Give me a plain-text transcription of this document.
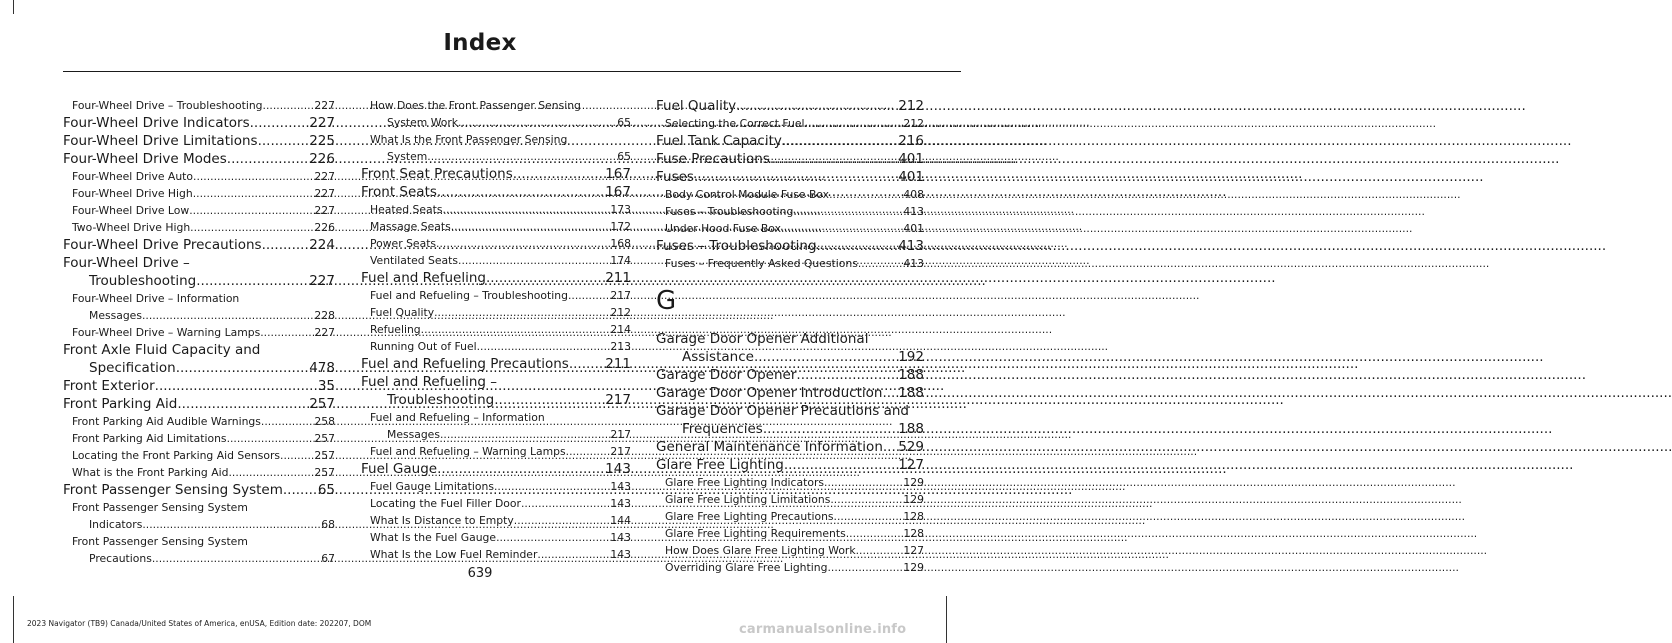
Index
Four-Wheel Drive – Troubleshooting .....	227
Four-Wheel Drive Indicators .....	227
Four-Wheel Drive Limitations .....	225
Four-Wheel Drive Modes .....	226
Four-Wheel Drive Auto .....	227
Four-Wheel Drive High .....	227
Four-Wheel Drive Low .....	227
Two-Wheel Drive High .....	226
Four-Wheel Drive Precautions .....	224
Four-Wheel Drive –
Troubleshooting .....	227
Four-Wheel Drive – Information
Messages .....	228
Four-Wheel Drive – Warning Lamps .....	227
Front Axle Fluid Capacity and
Specification .....	478
Front Exterior .....	35
Front Parking Aid .....	257
Front Parking Aid Audible Warnings .....	258
Front Parking Aid Limitations .....	257
Locating the Front Parking Aid Sensors .....	257
What is the Front Parking Aid .....	257
Front Passenger Sensing System .....	65
Front Passenger Sensing System
Indicators .....	68
Front Passenger Sensing System
Precautions .....	67
How Does the Front Passenger Sensing
System Work .....	65
What Is the Front Passenger Sensing
System .....	65
Front Seat Precautions .....	167
Front Seats .....	167
Heated Seats .....	173
Massage Seats .....	172
Power Seats .....	168
Ventilated Seats .....	174
Fuel and Refueling .....	211
Fuel and Refueling – Troubleshooting .....	217
Fuel Quality .....	212
Refueling .....	214
Running Out of Fuel .....	213
Fuel and Refueling Precautions .....	211
Fuel and Refueling –
Troubleshooting .....	217
Fuel and Refueling – Information
Messages .....	217
Fuel and Refueling – Warning Lamps .....	217
Fuel Gauge .....	143
Fuel Gauge Limitations .....	143
Locating the Fuel Filler Door .....	143
What Is Distance to Empty .....	144
What Is the Fuel Gauge .....	143
What Is the Low Fuel Reminder .....	143
Fuel Quality .....	212
Selecting the Correct Fuel .....	212
Fuel Tank Capacity .....	216
Fuse Precautions .....	401
Fuses .....	401
Body Control Module Fuse Box .....	408
Fuses – Troubleshooting .....	413
Under Hood Fuse Box .....	401
Fuses – Troubleshooting .....	413
Fuses – Frequently Asked Questions .....	413
G
Garage Door Opener Additional
Assistance .....	192
Garage Door Opener .....	188
Garage Door Opener Introduction ..... 188
Garage Door Opener Precautions and
Frequencies .....	188
General Maintenance Information ..... 529
Glare Free Lighting .....	127
Glare Free Lighting Indicators .....	129
Glare Free Lighting Limitations .....	129
Glare Free Lighting Precautions .....	128
Glare Free Lighting Requirements .....	128
How Does Glare Free Lighting Work .....	127
Overriding Glare Free Lighting .....	129
639
2023 Navigator (TB9) Canada/United States of America, enUSA, Edition date: 202207, DOM	carmanualsonline.info
